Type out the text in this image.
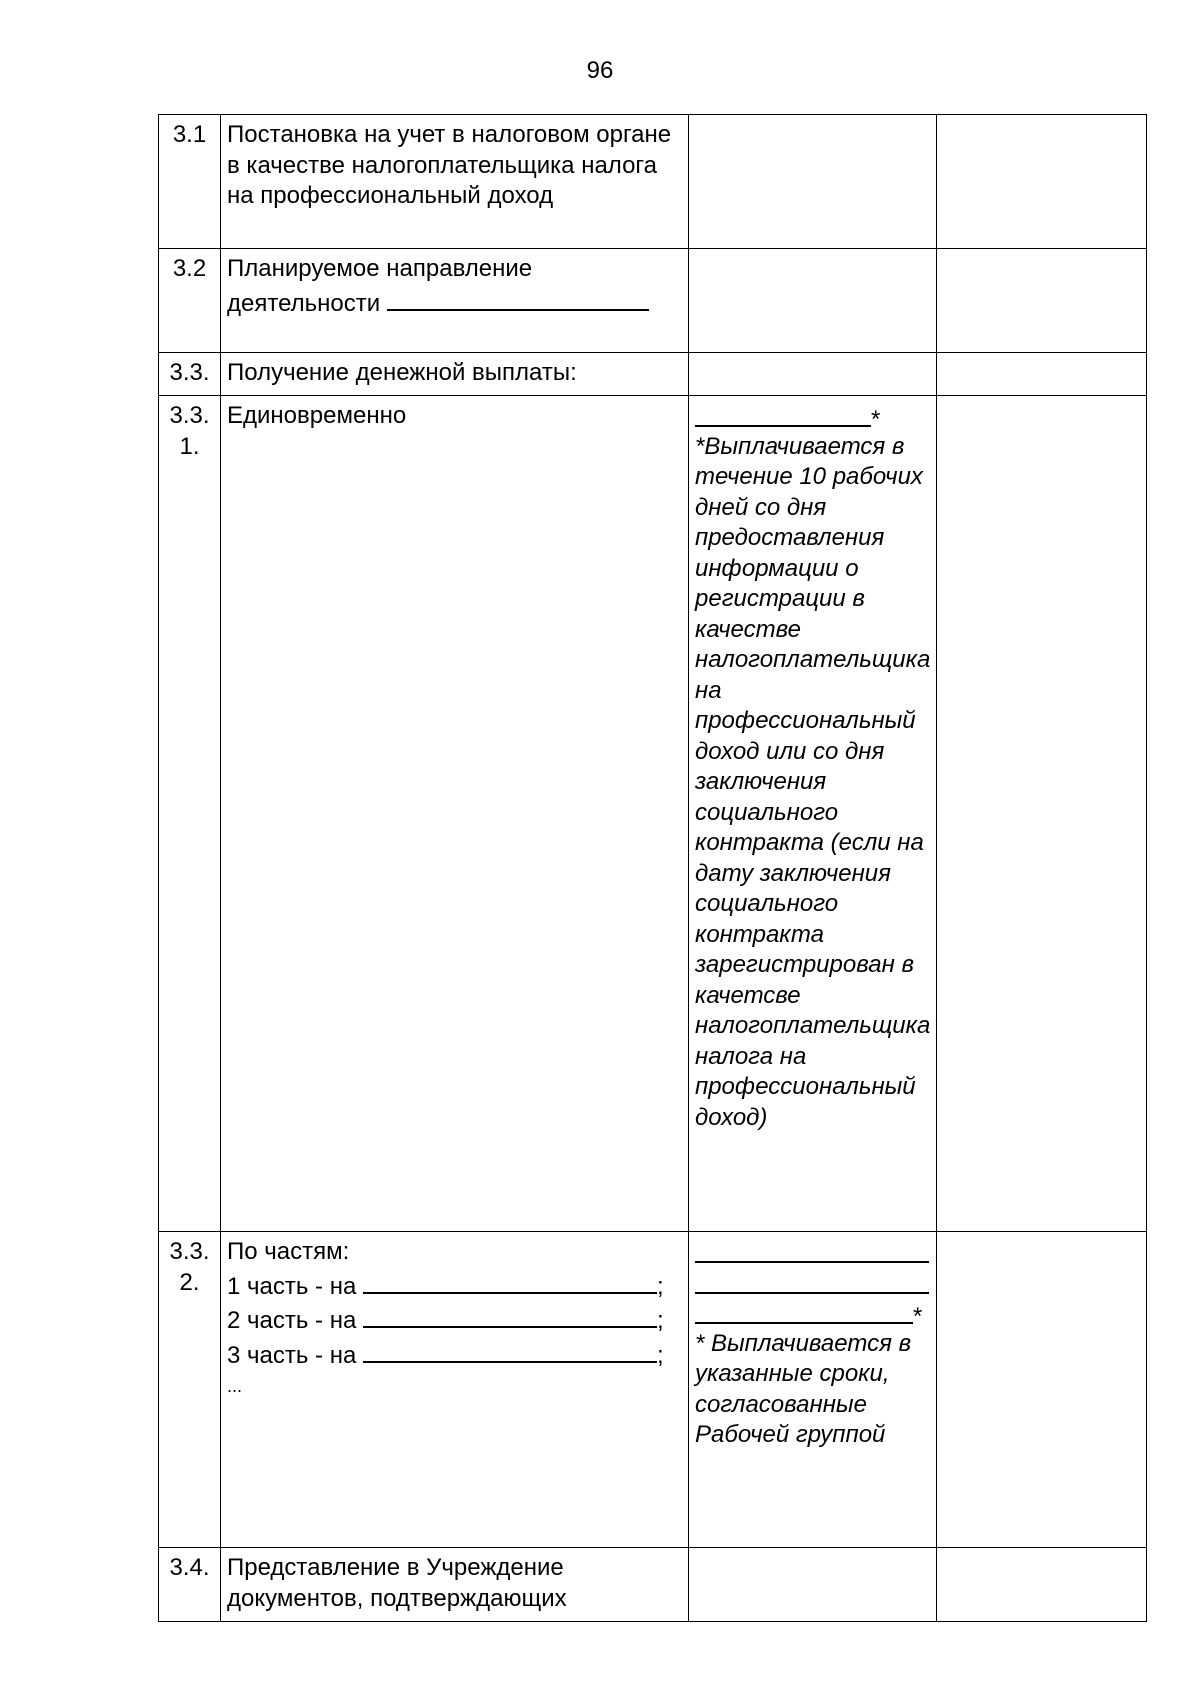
96
3.1	Постановка на учет в налоговом органе в качестве налогоплательщика налога на профессиональный доход		
3.2	Планируемое направление деятельности		
3.3.	Получение денежной выплаты:		
3.3. 1.	Единовременно	*
*Выплачивается в течение 10 рабочих дней со дня предоставления информации о регистрации в качестве налогоплательщика на профессиональный доход или со дня заключения социального контракта (если на дату заключения социального контракта зарегистрирован в качетсве налогоплательщика налога на профессиональный доход)	

3.3. 2.	По частям:
1 часть - на ;
2 часть - на ;
3 часть - на ;
...	*
* Выплачивается в указанные сроки, согласованные Рабочей группой	

3.4.	Представление в Учреждение документов, подтверждающих		
